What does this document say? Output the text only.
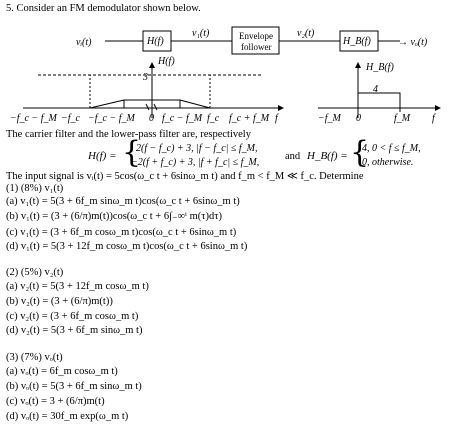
5. Consider an FM demodulator shown below.
vᵢ(t)	H(f)
v₁(t)	Envelope
follower
v₂(t)
H_B(f)	→ vₒ(t)
H(f)
3
H_B(f)
4
−f_c − f_M −f_c −f_c − f_M 0 f_c − f_M f_c f_c + f_M f	−f_M 0	f_M f
The carrier filter and the lower-pass filter are, respectively
H(f) = {
2(f − f_c) + 3, |f − f_c| ≤ f_M,
−2(f + f_c) + 3, |f + f_c| ≤ f_M,
and H_B(f) = {
4, 0 < f ≤ f_M,
0, otherwise.
The input signal is vᵢ(t) = 5cos(ω_c t + 6sinω_m t) and f_m < f_M ≪ f_c. Determine
(1) (8%) v₁(t)
(a) v₁(t) = 5(3 + 6f_m sinω_m t)cos(ω_c t + 6sinω_m t)
(b) v₁(t) = (3 + (6/π)m(t))cos(ω_c t + 6∫₋∞ᵗ m(τ)dτ)
(c) v₁(t) = (3 + 6f_m cosω_m t)cos(ω_c t + 6sinω_m t)
(d) v₁(t) = 5(3 + 12f_m cosω_m t)cos(ω_c t + 6sinω_m t)
(2) (5%) v₂(t)
(a) v₂(t) = 5(3 + 12f_m cosω_m t)
(b) v₂(t) = (3 + (6/π)m(t))
(c) v₂(t) = (3 + 6f_m cosω_m t)
(d) v₂(t) = 5(3 + 6f_m sinω_m t)
(3) (7%) vₒ(t)
(a) vₒ(t) = 6f_m cosω_m t)
(b) vₒ(t) = 5(3 + 6f_m sinω_m t)
(c) vₒ(t) = 3 + (6/π)m(t)
(d) vₒ(t) = 30f_m exp(ω_m t)
